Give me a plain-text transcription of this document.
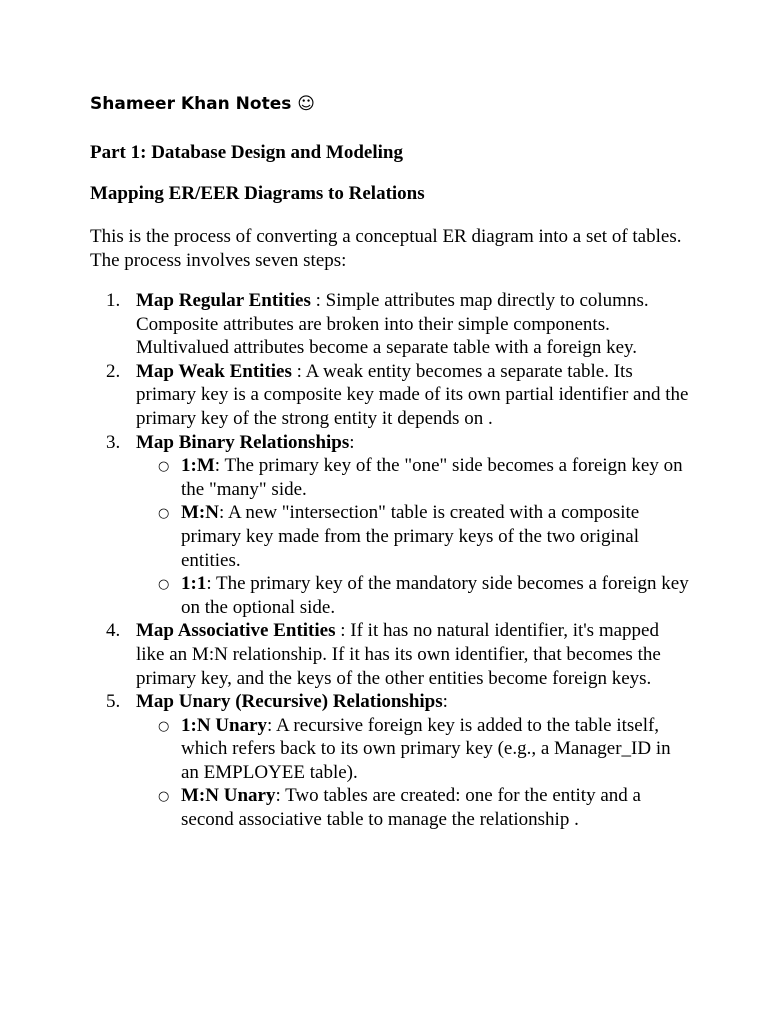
Shameer Khan Notes ☺
Part 1: Database Design and Modeling
Mapping ER/EER Diagrams to Relations
This is the process of converting a conceptual ER diagram into a set of tables. The process involves seven steps:
1. Map Regular Entities : Simple attributes map directly to columns. Composite attributes are broken into their simple components. Multivalued attributes become a separate table with a foreign key.
2. Map Weak Entities : A weak entity becomes a separate table. Its primary key is a composite key made of its own partial identifier and the primary key of the strong entity it depends on .
3. Map Binary Relationships:
○ 1:M: The primary key of the "one" side becomes a foreign key on the "many" side.
○ M:N: A new "intersection" table is created with a composite primary key made from the primary keys of the two original entities.
○ 1:1: The primary key of the mandatory side becomes a foreign key on the optional side.
4. Map Associative Entities : If it has no natural identifier, it's mapped like an M:N relationship. If it has its own identifier, that becomes the primary key, and the keys of the other entities become foreign keys.
5. Map Unary (Recursive) Relationships:
○ 1:N Unary: A recursive foreign key is added to the table itself, which refers back to its own primary key (e.g., a Manager_ID in an EMPLOYEE table).
○ M:N Unary: Two tables are created: one for the entity and a second associative table to manage the relationship .
